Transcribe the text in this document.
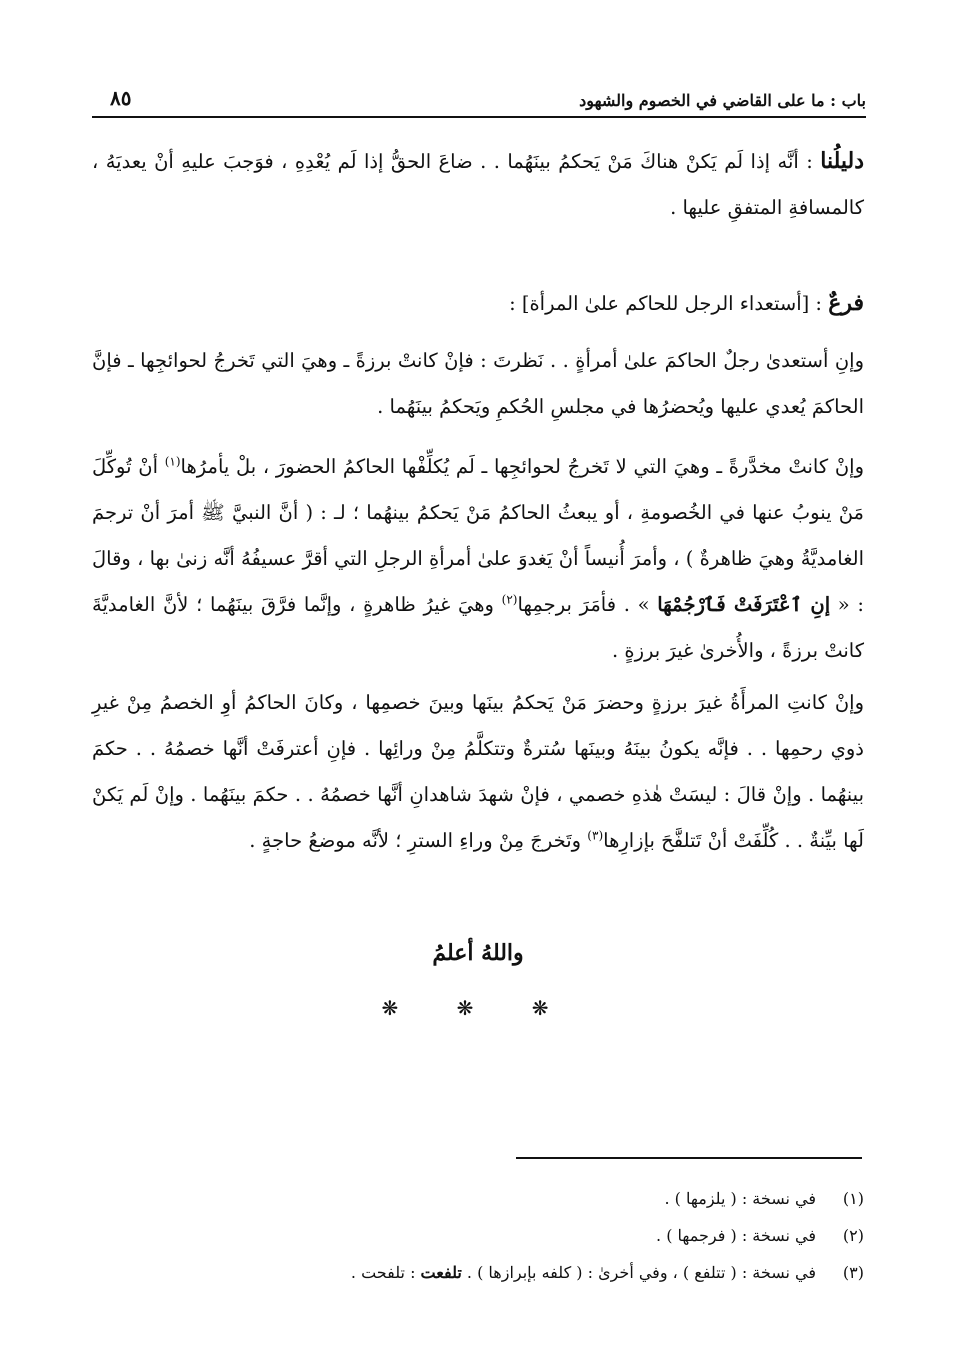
باب : ما على القاضي في الخصوم والشهود
٨٥
دليلُنا : أنَّه إذا لَم يَكنْ هناكَ مَنْ يَحكمُ بينَهُما . . ضاعَ الحقُّ إذا لَم يُعْدِهِ ، فوَجبَ عليهِ أنْ يعديَهُ ، كالمسافةِ المتفقِ عليها .
فرعٌ : [أستعداء الرجل للحاكم علىٰ المرأة] :
وإنِ أستعدىٰ رجلٌ الحاكمَ علىٰ أمرأةٍ . . نَظرتَ : فإنْ كانتْ برزةً ـ وهيَ التي تَخرجُ لحوائجِها ـ فإنَّ الحاكمَ يُعدي عليها ويُحضرُها في مجلسِ الحُكمِ ويَحكمُ بينَهُما .
وإنْ كانتْ مخدَّرةً ـ وهيَ التي لا تَخرجُ لحوائجِها ـ لَم يُكلِّفْها الحاكمُ الحضورَ ، بلْ يأمرُها$^{(١)}$ أنْ تُوكِّلَ مَنْ ينوبُ عنها في الخُصومةِ ، أو يبعثُ الحاكمُ مَنْ يَحكمُ بينهُما ؛ لـ : ( أنَّ النبيَّ ﷺ أمرَ أنْ ترجمَ الغامديَّةُ وهيَ ظاهرةٌ ) ، وأمرَ أُنيساً أنْ يَغدوَ علىٰ أمرأةِ الرجلِ التي أقرَّ عسيفُهُ أنَّه زنىٰ بها ، وقالَ : « إنِ ٱعْتَرَفَتْ فَٱرْجُمْهَا » . فأمَرَ برجمِها$^{(٢)}$ وهيَ غيرُ ظاهرةٍ ، وإنَّما فرَّقَ بينَهُما ؛ لأنَّ الغامديَّةَ كانتْ برزةً ، والأُخرىٰ غيرَ برزةٍ .
وإنْ كانتِ المرأَةُ غيرَ برزةٍ وحضرَ مَنْ يَحكمُ بينَها وبينَ خصمِها ، وكانَ الحاكمُ أوِ الخصمُ مِنْ غيرِ ذوي رحمِها . . فإنَّه يكونُ بينَهُ وبينَها سُترةٌ وتتكلَّمُ مِنْ ورائِها . فإنِ أعترفَتْ أنَّها خصمُهُ . . حكمَ بينهُما . وإنْ قالَ : ليسَتْ هٰذهِ خصمي ، فإنْ شهدَ شاهدانِ أنَّها خصمُهُ . . حكمَ بينَهُما . وإنْ لَم يَكنْ لَها بيِّنةٌ . . كُلِّفَتْ أنْ تَتلفَّحَ بإزارِها$^{(٣)}$ وتَخرجَ مِنْ وراءِ السترِ ؛ لأنَّه موضعُ حاجةٍ .
واللهُ أعلمُ
❋ ❋ ❋
(١)
في نسخة : ( يلزمها ) .
(٢)
في نسخة : ( فرجمها ) .
(٣)
في نسخة : ( تتلفع ) ، وفي أخرىٰ : ( كلفه بإبرازها ) . تلفعت : تلفحت .
